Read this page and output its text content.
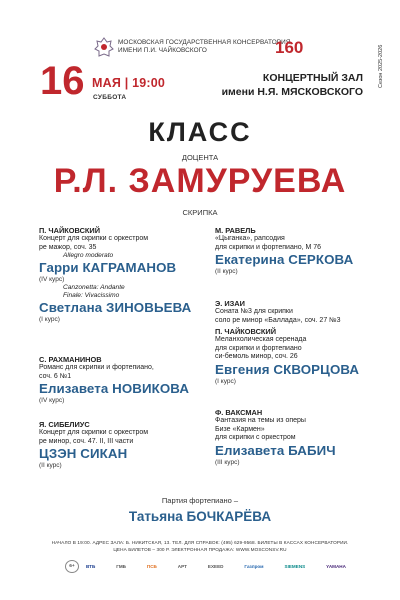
МОСКОВСКАЯ ГОСУДАРСТВЕННАЯ КОНСЕРВАТОРИЯ
ИМЕНИ П.И. ЧАЙКОВСКОГО	160	Сезон 2025-2026
16 МАЯ | 19:00
СУББОТА
КОНЦЕРТНЫЙ ЗАЛ
имени Н.Я. МЯСКОВСКОГО
КЛАСС
ДОЦЕНТА
Р.Л. ЗАМУРУЕВА
СКРИПКА
П. ЧАЙКОВСКИЙ
Концерт для скрипки с оркестром
ре мажор, соч. 35
Allegro moderato
Гарри КАГРАМАНОВ
(IV курс)
Canzonetta: Andante
Finale: Vivacissimo
Светлана ЗИНОВЬЕВА
(I курс)
С. РАХМАНИНОВ
Романс для скрипки и фортепиано,
соч. 6 №1
Елизавета НОВИКОВА
(IV курс)
Я. СИБЕЛИУС
Концерт для скрипки с оркестром
ре минор, соч. 47. II, III части
ЦЗЭН СИКАН
(II курс)
М. РАВЕЛЬ
«Цыганка», рапсодия
для скрипки и фортепиано, М 76
Екатерина СЕРКОВА
(II курс)
Э. ИЗАИ
Соната №3 для скрипки
соло ре минор «Баллада», соч. 27 №3
П. ЧАЙКОВСКИЙ
Меланхолическая серенада
для скрипки и фортепиано
си-бемоль минор, соч. 26
Евгения СКВОРЦОВА
(I курс)
Ф. ВАКСМАН
Фантазия на темы из оперы
Бизе «Кармен»
для скрипки с оркестром
Елизавета БАБИЧ
(III курс)
Партия фортепиано –
Татьяна БОЧКАРЁВА
НАЧАЛО В 19:00. АДРЕС ЗАЛА: Б. НИКИТСКАЯ, 13. ТЕЛ. ДЛЯ СПРАВОК: (495) 629-9568. БИЛЕТЫ В КАССАХ КОНСЕРВАТОРИИ.
ЦЕНА БИЛЕТОВ – 300 Р. ЭЛЕКТРОННАЯ ПРОДАЖА: WWW.MOSCONSV.RU
6+	ВТБ	ГМБ	ПСБ	АРТ	EXEED	Газпром	SIEMENS	YAMAHA
